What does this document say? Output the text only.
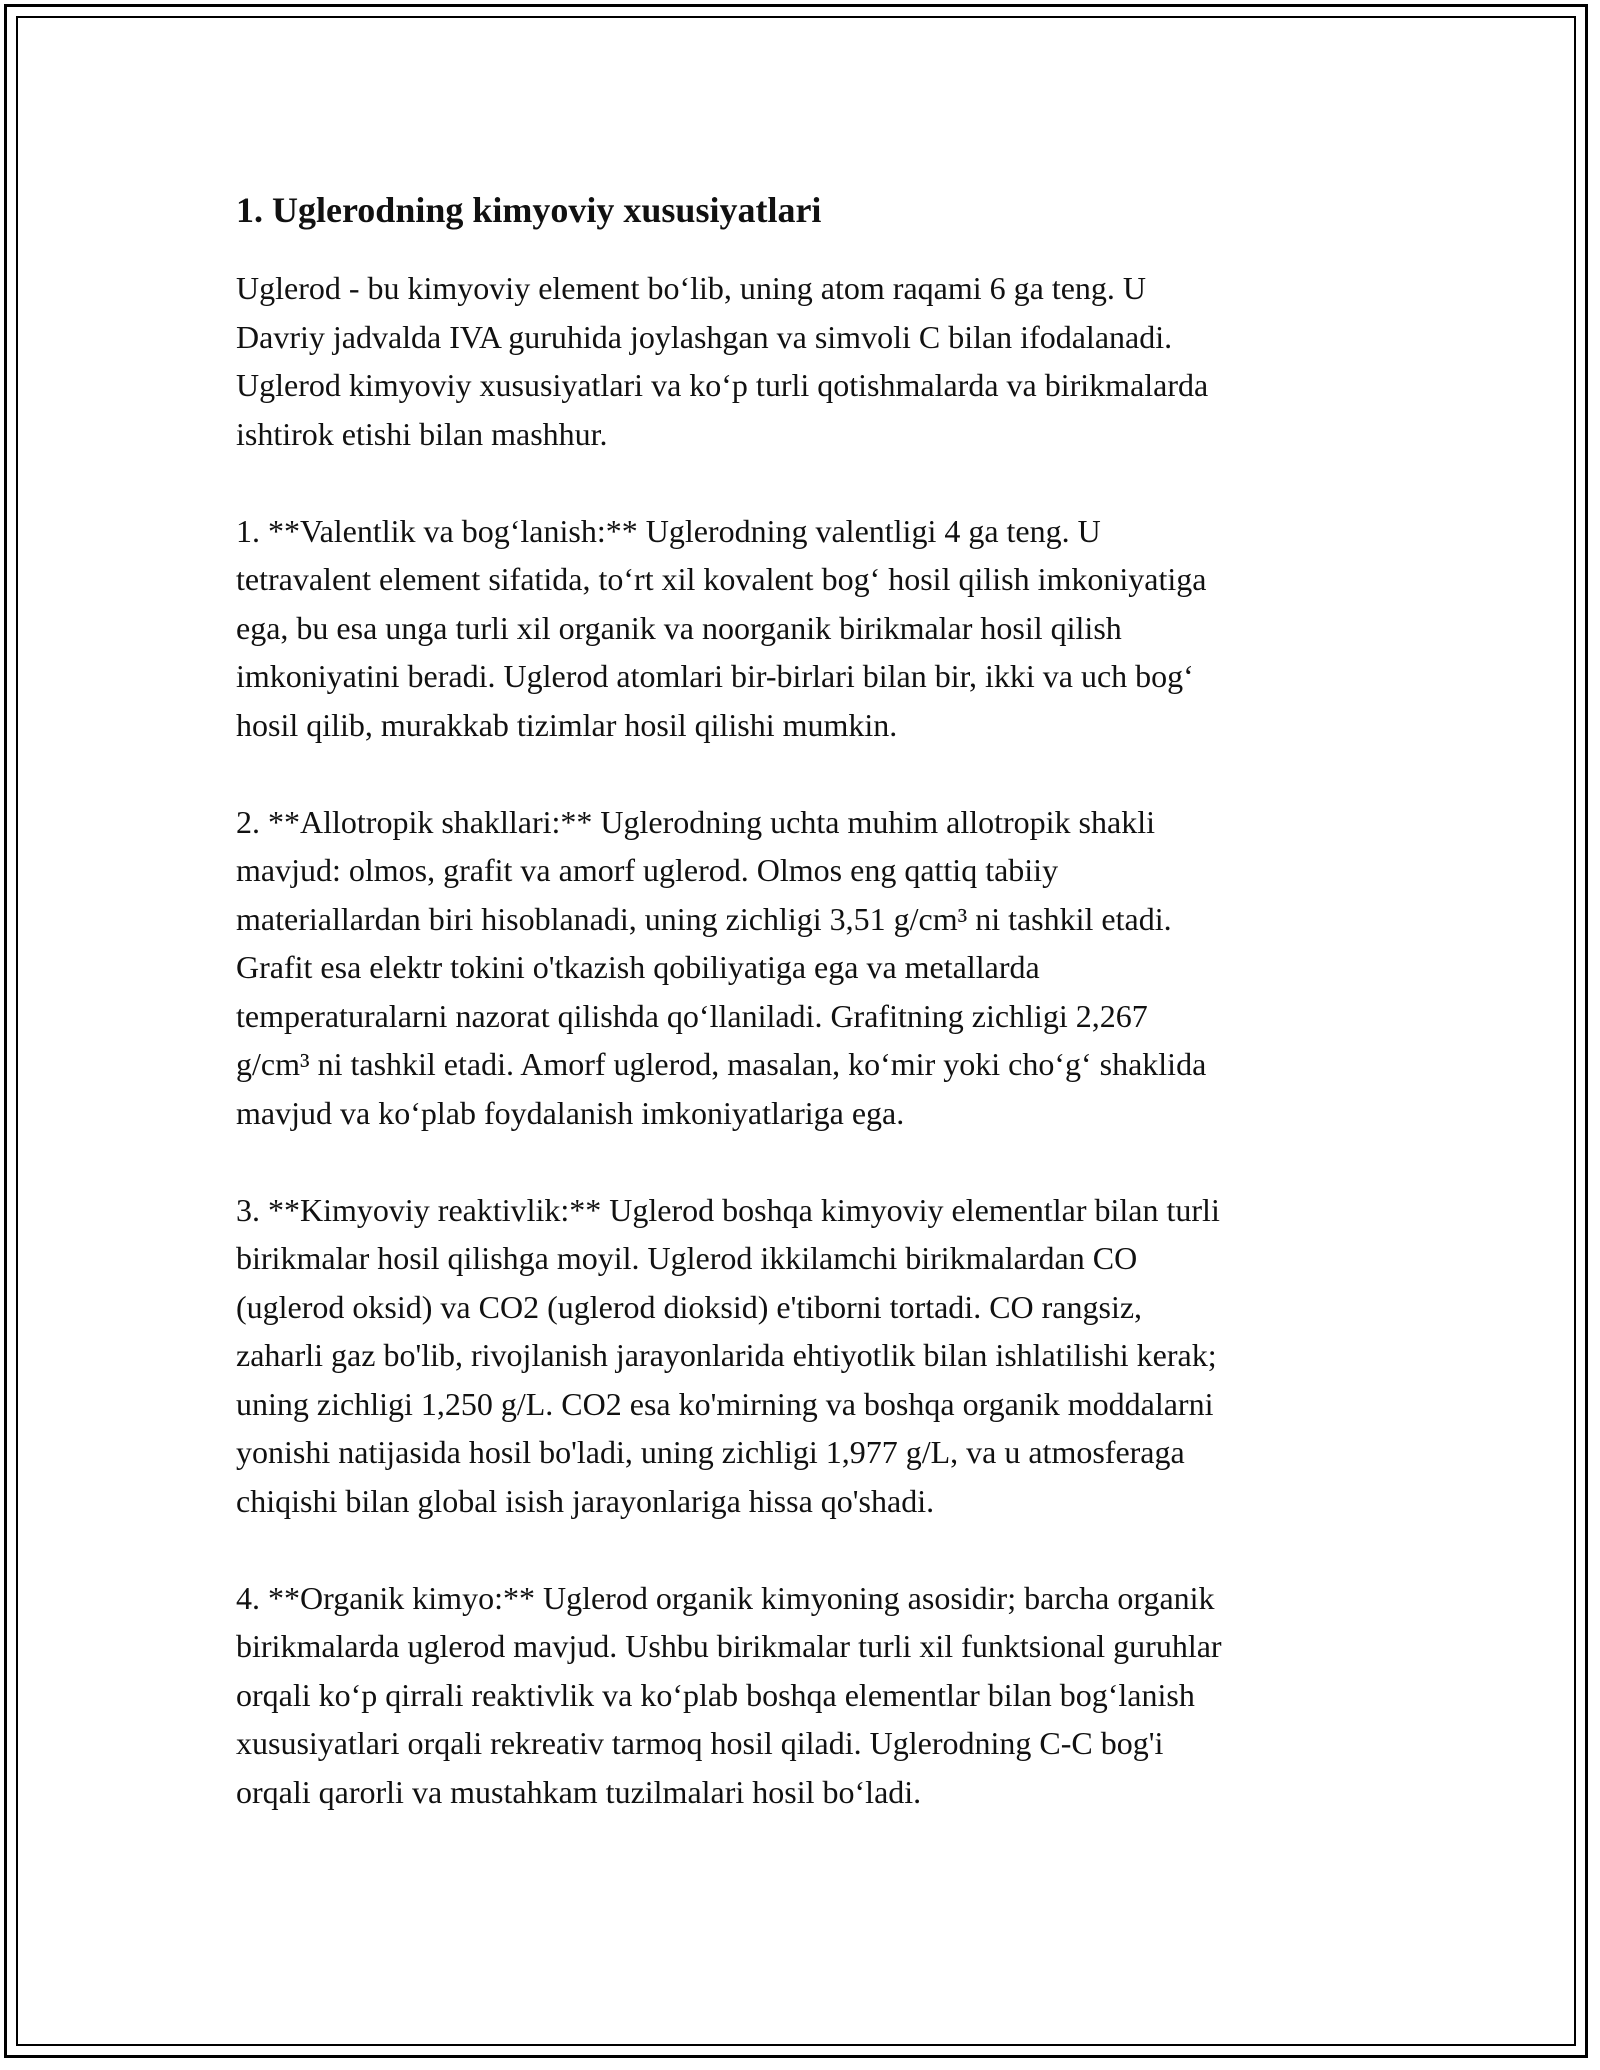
1. Uglerodning kimyoviy xususiyatlari
Uglerod - bu kimyoviy element bo‘lib, uning atom raqami 6 ga teng. U
Davriy jadvalda IVA guruhida joylashgan va simvoli C bilan ifodalanadi.
Uglerod kimyoviy xususiyatlari va ko‘p turli qotishmalarda va birikmalarda
ishtirok etishi bilan mashhur.
1. **Valentlik va bog‘lanish:** Uglerodning valentligi 4 ga teng. U
tetravalent element sifatida, to‘rt xil kovalent bog‘ hosil qilish imkoniyatiga
ega, bu esa unga turli xil organik va noorganik birikmalar hosil qilish
imkoniyatini beradi. Uglerod atomlari bir-birlari bilan bir, ikki va uch bog‘
hosil qilib, murakkab tizimlar hosil qilishi mumkin.
2. **Allotropik shakllari:** Uglerodning uchta muhim allotropik shakli
mavjud: olmos, grafit va amorf uglerod. Olmos eng qattiq tabiiy
materiallardan biri hisoblanadi, uning zichligi 3,51 g/cm³ ni tashkil etadi.
Grafit esa elektr tokini o'tkazish qobiliyatiga ega va metallarda
temperaturalarni nazorat qilishda qo‘llaniladi. Grafitning zichligi 2,267
g/cm³ ni tashkil etadi. Amorf uglerod, masalan, ko‘mir yoki cho‘g‘ shaklida
mavjud va ko‘plab foydalanish imkoniyatlariga ega.
3. **Kimyoviy reaktivlik:** Uglerod boshqa kimyoviy elementlar bilan turli
birikmalar hosil qilishga moyil. Uglerod ikkilamchi birikmalardan CO
(uglerod oksid) va CO2 (uglerod dioksid) e'tiborni tortadi. CO rangsiz,
zaharli gaz bo'lib, rivojlanish jarayonlarida ehtiyotlik bilan ishlatilishi kerak;
uning zichligi 1,250 g/L. CO2 esa ko'mirning va boshqa organik moddalarni
yonishi natijasida hosil bo'ladi, uning zichligi 1,977 g/L, va u atmosferaga
chiqishi bilan global isish jarayonlariga hissa qo'shadi.
4. **Organik kimyo:** Uglerod organik kimyoning asosidir; barcha organik
birikmalarda uglerod mavjud. Ushbu birikmalar turli xil funktsional guruhlar
orqali ko‘p qirrali reaktivlik va ko‘plab boshqa elementlar bilan bog‘lanish
xususiyatlari orqali rekreativ tarmoq hosil qiladi. Uglerodning C-C bog'i
orqali qarorli va mustahkam tuzilmalari hosil bo‘ladi.
